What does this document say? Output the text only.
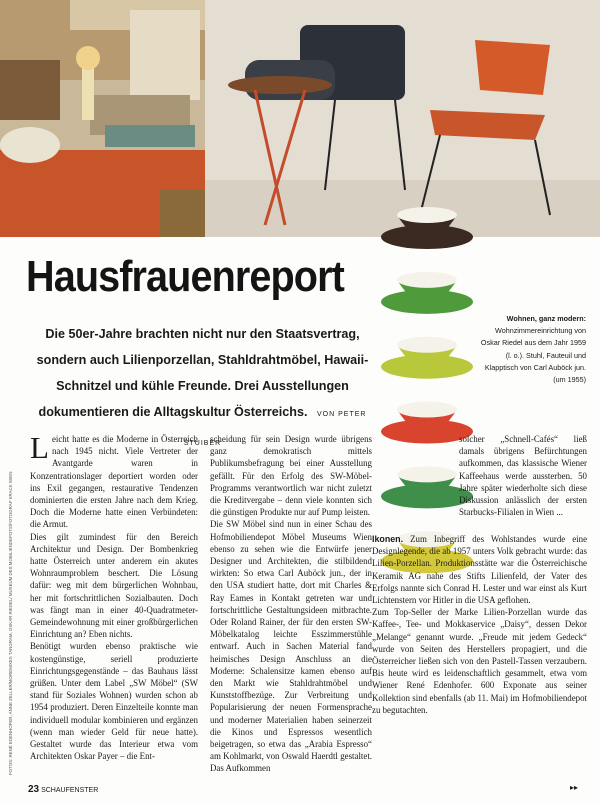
Hausfrauenreport

Die 50er-Jahre brachten nicht nur den Staatsvertrag, sondern auch Lilienporzellan, Stahldrahtmöbel, Hawaii-Schnitzel und kühle Freunde. Drei Ausstellungen dokumentieren die Alltagskultur Österreichs. VON PETER STUIBER

Wohnen, ganz modern: Wohnzimmereinrichtung von Oskar Riedel aus dem Jahr 1959 (l. o.). Stuhl, Fauteuil und Klapptisch von Carl Auböck jun. (um 1955)

FOTOS: RENÉ EDENHOFER, ANNE ZELLER/MOREMIXES TANGRAM, OSKAR RIEDEL/ MUSEUM DES MOBILIENDEPOTS/FOTOGRAF KRACK WIEN

Leicht hatte es die Moderne in Österreich nach 1945 nicht. Viele Vertreter der Avantgarde waren in Konzentrationslager deportiert worden oder ins Exil gegangen, restaurative Tendenzen dominierten die ersten Jahre nach dem Krieg. Doch die Moderne hatte einen Verbündeten: die Armut.

Dies gilt zumindest für den Bereich Architektur und Design. Der Bombenkrieg hatte Österreich unter anderem ein akutes Wohnraumproblem beschert. Die Lösung dafür: weg mit dem bürgerlichen Wohnbau, her mit fortschrittlichen Sozialbauten. Doch was fängt man in einer 40-Quadratmeter-Gemeindewohnung mit einer großbürgerlichen Einrichtung an? Eben nichts.

Benötigt wurden ebenso praktische wie kostengünstige, seriell produzierte Einrichtungsgegenstände – das Bauhaus lässt grüßen. Unter dem Label „SW Möbel“ (SW stand für Soziales Wohnen) wurden schon ab 1954 produziert. Deren Einzelteile konnte man individuell modular kombinieren und ergänzen (wenn man wieder Geld für neue hatte). Gestaltet wurde das Interieur etwa vom Architekten Oskar Payer – die Ent-

scheidung für sein Design wurde übrigens ganz demokratisch mittels Publikumsbefragung bei einer Ausstellung gefällt. Für den Erfolg des SW-Möbel-Programms verantwortlich war nicht zuletzt die Kreditvergabe – denn viele konnten sich die günstigen Produkte nur auf Pump leisten.

Die SW Möbel sind nun in einer Schau des Hofmobiliendepot Möbel Museums Wien ebenso zu sehen wie die Entwürfe jener Designer und Architekten, die stilbildend wirkten: So etwa Carl Auböck jun., der in den USA studiert hatte, dort mit Charles & Ray Eames in Kontakt getreten war und fortschrittliche Gestaltungsideen mitbrachte. Oder Roland Rainer, der für den ersten SW-Möbelkatalog leichte Esszimmerstühle entwarf. Auch in Sachen Material fand heimisches Design Anschluss an die Moderne: Schalensitze kamen ebenso auf den Markt wie Stahldrahtmöbel und Kunststoffbezüge. Zur Verbreitung und Popularisierung der neuen Formensprache und moderner Materialien haben seinerzeit die Kinos und Espressos wesentlich beigetragen, so etwa das „Arabia Espresso“ am Kohlmarkt, von Oswald Haerdtl gestaltet. Das Aufkommen

solcher „Schnell-Cafés“ ließ damals übrigens Befürchtungen aufkommen, das klassische Wiener Kaffeehaus werde aussterben. 50 Jahre später wiederholte sich diese Diskussion anlässlich der ersten Starbucks-Filialen in Wien ...

Ikonen. Zum Inbegriff des Wohlstandes wurde eine Designlegende, die ab 1957 unters Volk gebracht wurde: das Lilien-Porzellan. Produktionsstätte war die Österreichische Keramik AG nahe des Stifts Lilienfeld, der Vater des Erfolgs nannte sich Conrad H. Lester und war einst als Kurt Lichtenstern vor Hitler in die USA geflohen.

Zum Top-Seller der Marke Lilien-Porzellan wurde das Kaffee-, Tee- und Mokkaservice „Daisy“, dessen Dekor „Melange“ genannt wurde. „Freude mit jedem Gedeck“ wurde von Seiten des Herstellers propagiert, und die Österreicher ließen sich von den Pastell-Tassen verzaubern. Bis heute wird es leidenschaftlich gesammelt, etwa vom Wiener René Edenhofer. 600 Exponate aus seiner Kollektion sind ebenfalls (ab 11. Mai) im Hofmobiliendepot zu begutachten.

23 SCHAUFENSTER	▸▸
